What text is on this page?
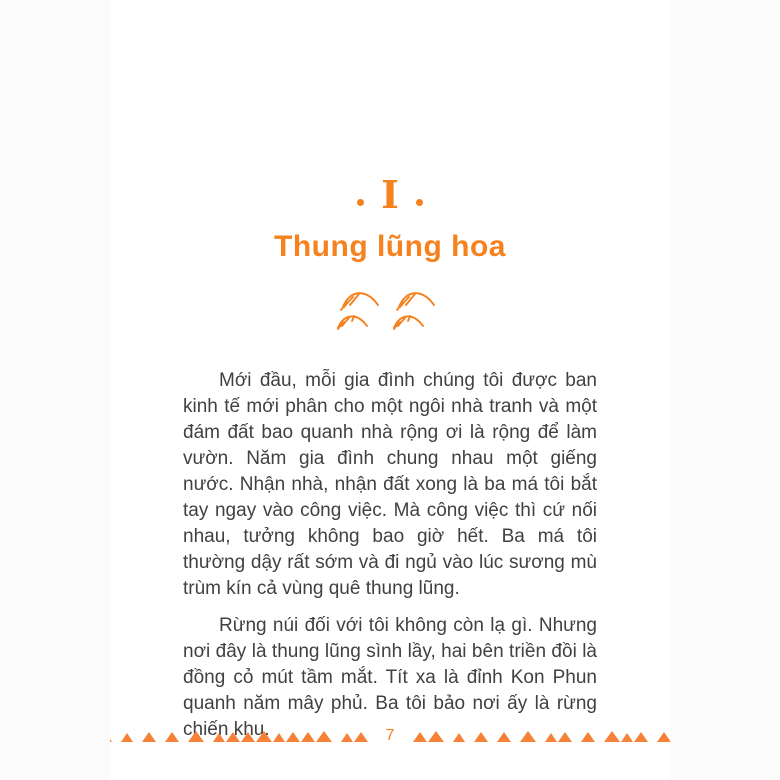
I
Thung lũng hoa

Mới đầu, mỗi gia đình chúng tôi được ban kinh tế mới phân cho một ngôi nhà tranh và một đám đất bao quanh nhà rộng ơi là rộng để làm vườn. Năm gia đình chung nhau một giếng nước. Nhận nhà, nhận đất xong là ba má tôi bắt tay ngay vào công việc. Mà công việc thì cứ nối nhau, tưởng không bao giờ hết. Ba má tôi thường dậy rất sớm và đi ngủ vào lúc sương mù trùm kín cả vùng quê thung lũng.

Rừng núi đối với tôi không còn lạ gì. Nhưng nơi đây là thung lũng sình lầy, hai bên triền đồi là đồng cỏ mút tầm mắt. Tít xa là đỉnh Kon Phun quanh năm mây phủ. Ba tôi bảo nơi ấy là rừng chiến khu.	7
